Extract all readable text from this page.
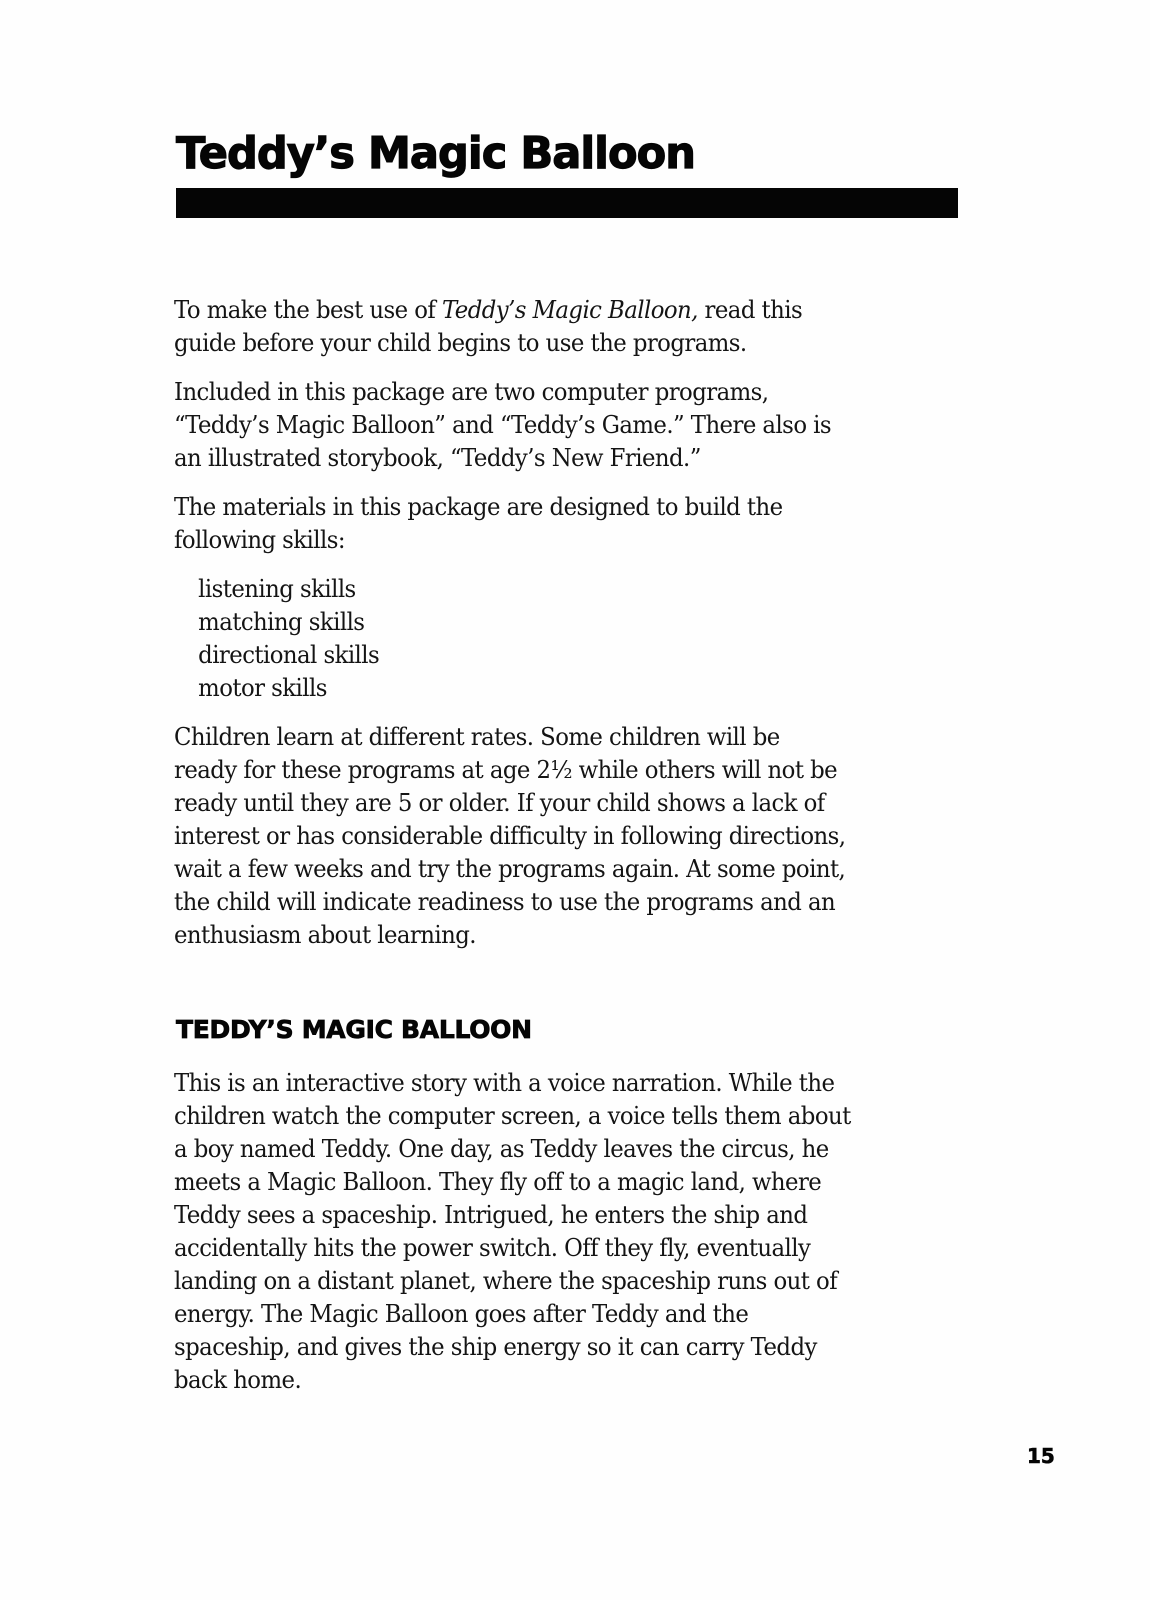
Teddy’s Magic Balloon

To make the best use of Teddy’s Magic Balloon, read this
guide before your child begins to use the programs.

Included in this package are two computer programs,
“Teddy’s Magic Balloon” and “Teddy’s Game.” There also is
an illustrated storybook, “Teddy’s New Friend.”

The materials in this package are designed to build the
following skills:

listening skills
matching skills
directional skills
motor skills

Children learn at different rates. Some children will be
ready for these programs at age 2½ while others will not be
ready until they are 5 or older. If your child shows a lack of
interest or has considerable difficulty in following directions,
wait a few weeks and try the programs again. At some point,
the child will indicate readiness to use the programs and an
enthusiasm about learning.

TEDDY’S MAGIC BALLOON

This is an interactive story with a voice narration. While the
children watch the computer screen, a voice tells them about
a boy named Teddy. One day, as Teddy leaves the circus, he
meets a Magic Balloon. They fly off to a magic land, where
Teddy sees a spaceship. Intrigued, he enters the ship and
accidentally hits the power switch. Off they fly, eventually
landing on a distant planet, where the spaceship runs out of
energy. The Magic Balloon goes after Teddy and the
spaceship, and gives the ship energy so it can carry Teddy
back home.

15
